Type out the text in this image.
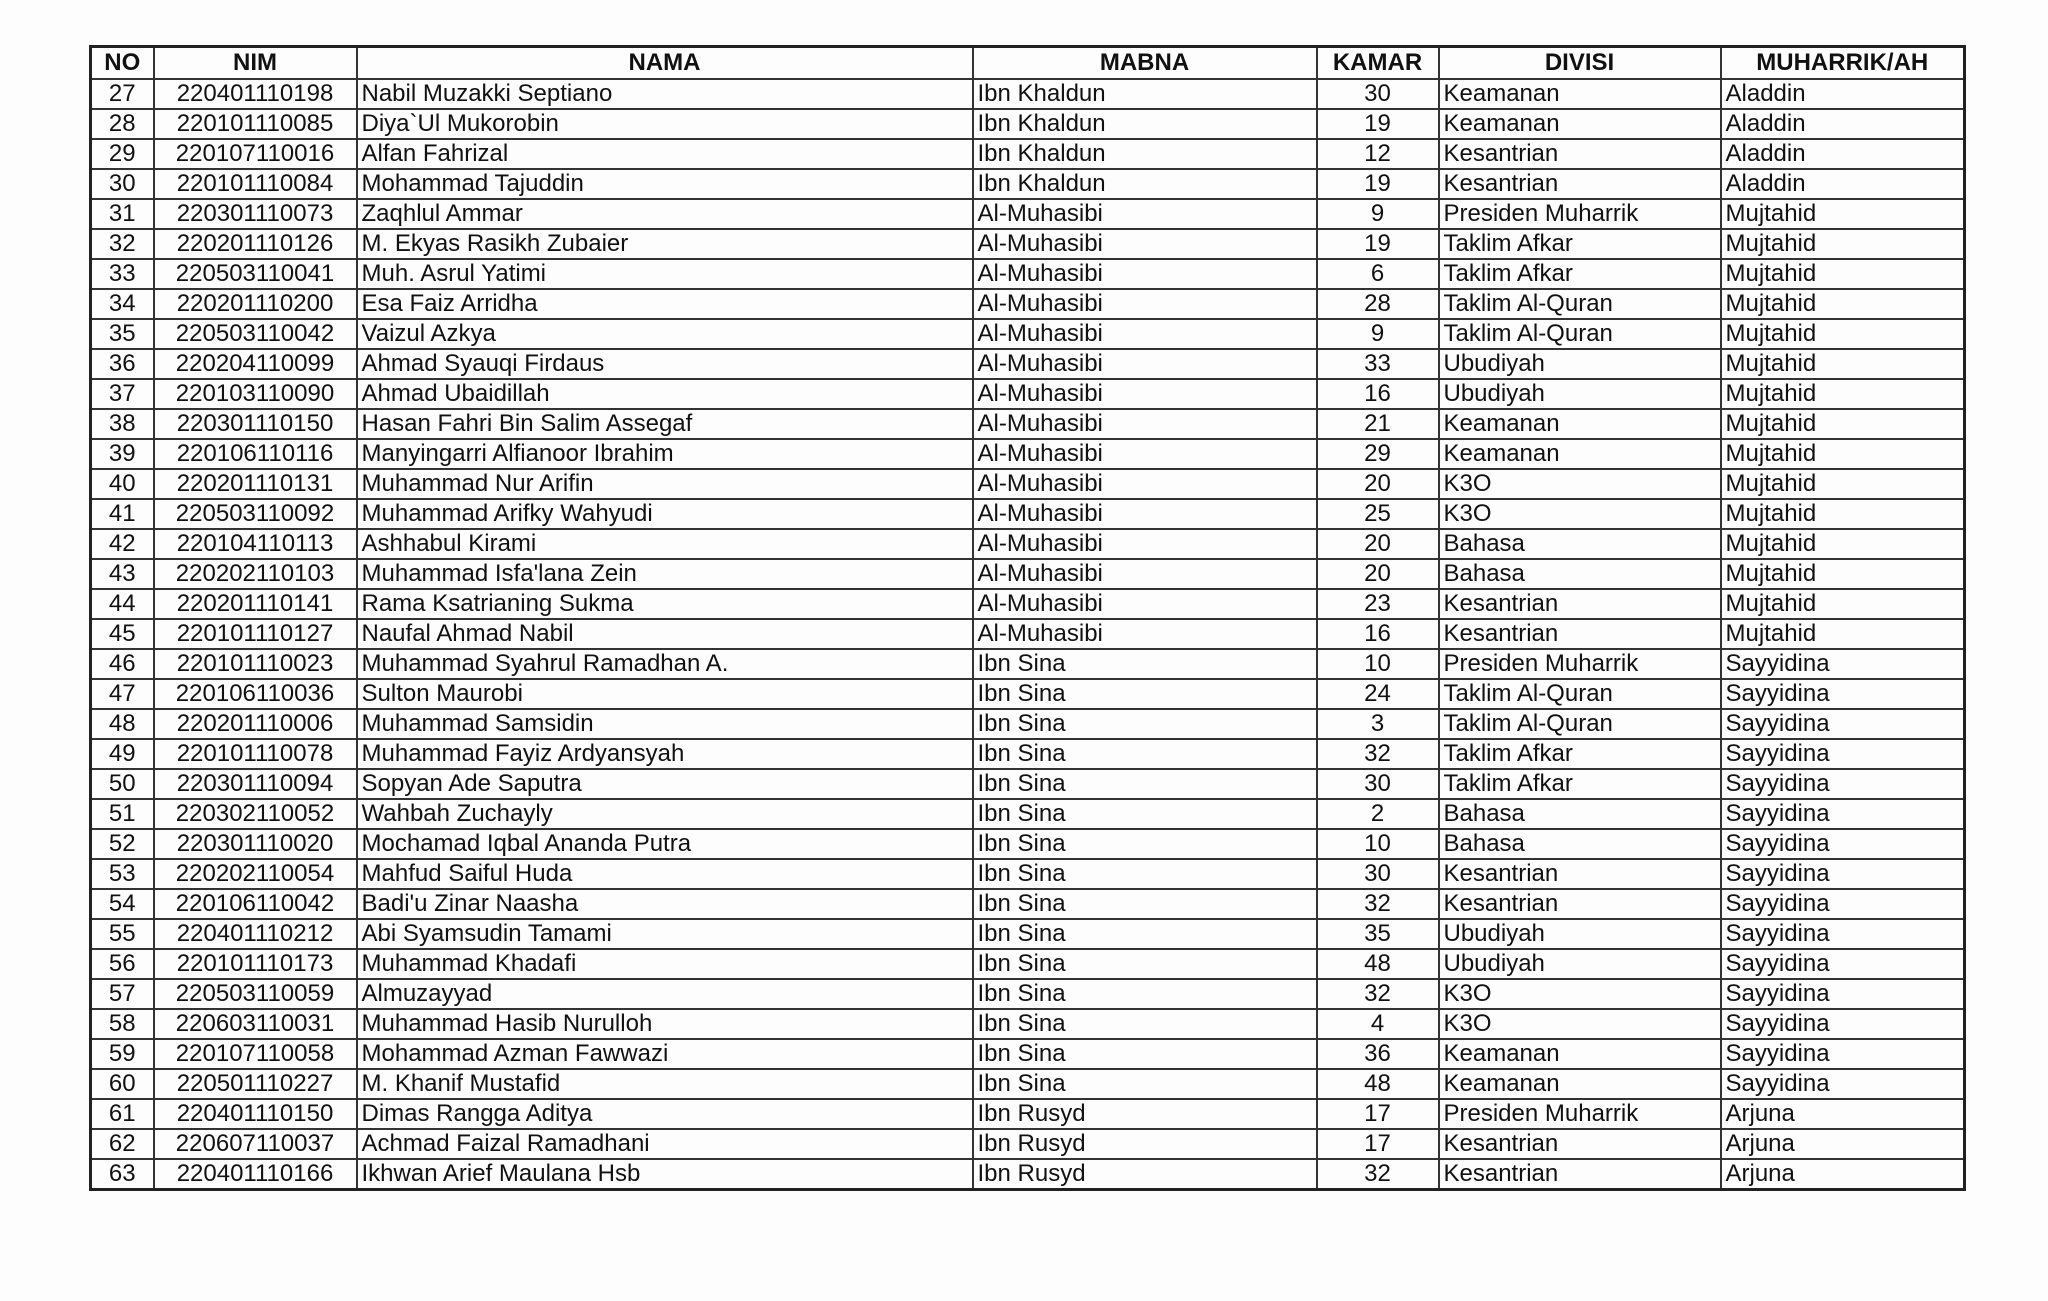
NO	NIM	NAMA	MABNA	KAMAR	DIVISI	MUHARRIK/AH
27	220401110198	Nabil Muzakki Septiano	Ibn Khaldun	30	Keamanan	Aladdin
28	220101110085	Diya`Ul Mukorobin	Ibn Khaldun	19	Keamanan	Aladdin
29	220107110016	Alfan Fahrizal	Ibn Khaldun	12	Kesantrian	Aladdin
30	220101110084	Mohammad Tajuddin	Ibn Khaldun	19	Kesantrian	Aladdin
31	220301110073	Zaqhlul Ammar	Al-Muhasibi	9	Presiden Muharrik	Mujtahid
32	220201110126	M. Ekyas Rasikh Zubaier	Al-Muhasibi	19	Taklim Afkar	Mujtahid
33	220503110041	Muh. Asrul Yatimi	Al-Muhasibi	6	Taklim Afkar	Mujtahid
34	220201110200	Esa Faiz Arridha	Al-Muhasibi	28	Taklim Al-Quran	Mujtahid
35	220503110042	Vaizul Azkya	Al-Muhasibi	9	Taklim Al-Quran	Mujtahid
36	220204110099	Ahmad Syauqi Firdaus	Al-Muhasibi	33	Ubudiyah	Mujtahid
37	220103110090	Ahmad Ubaidillah	Al-Muhasibi	16	Ubudiyah	Mujtahid
38	220301110150	Hasan Fahri Bin Salim Assegaf	Al-Muhasibi	21	Keamanan	Mujtahid
39	220106110116	Manyingarri Alfianoor Ibrahim	Al-Muhasibi	29	Keamanan	Mujtahid
40	220201110131	Muhammad Nur Arifin	Al-Muhasibi	20	K3O	Mujtahid
41	220503110092	Muhammad Arifky Wahyudi	Al-Muhasibi	25	K3O	Mujtahid
42	220104110113	Ashhabul Kirami	Al-Muhasibi	20	Bahasa	Mujtahid
43	220202110103	Muhammad Isfa'lana Zein	Al-Muhasibi	20	Bahasa	Mujtahid
44	220201110141	Rama Ksatrianing Sukma	Al-Muhasibi	23	Kesantrian	Mujtahid
45	220101110127	Naufal Ahmad Nabil	Al-Muhasibi	16	Kesantrian	Mujtahid
46	220101110023	Muhammad Syahrul Ramadhan A.	Ibn Sina	10	Presiden Muharrik	Sayyidina
47	220106110036	Sulton Maurobi	Ibn Sina	24	Taklim Al-Quran	Sayyidina
48	220201110006	Muhammad Samsidin	Ibn Sina	3	Taklim Al-Quran	Sayyidina
49	220101110078	Muhammad Fayiz Ardyansyah	Ibn Sina	32	Taklim Afkar	Sayyidina
50	220301110094	Sopyan Ade Saputra	Ibn Sina	30	Taklim Afkar	Sayyidina
51	220302110052	Wahbah Zuchayly	Ibn Sina	2	Bahasa	Sayyidina
52	220301110020	Mochamad Iqbal Ananda Putra	Ibn Sina	10	Bahasa	Sayyidina
53	220202110054	Mahfud Saiful Huda	Ibn Sina	30	Kesantrian	Sayyidina
54	220106110042	Badi'u Zinar Naasha	Ibn Sina	32	Kesantrian	Sayyidina
55	220401110212	Abi Syamsudin Tamami	Ibn Sina	35	Ubudiyah	Sayyidina
56	220101110173	Muhammad Khadafi	Ibn Sina	48	Ubudiyah	Sayyidina
57	220503110059	Almuzayyad	Ibn Sina	32	K3O	Sayyidina
58	220603110031	Muhammad Hasib Nurulloh	Ibn Sina	4	K3O	Sayyidina
59	220107110058	Mohammad Azman Fawwazi	Ibn Sina	36	Keamanan	Sayyidina
60	220501110227	M. Khanif Mustafid	Ibn Sina	48	Keamanan	Sayyidina
61	220401110150	Dimas Rangga Aditya	Ibn Rusyd	17	Presiden Muharrik	Arjuna
62	220607110037	Achmad Faizal Ramadhani	Ibn Rusyd	17	Kesantrian	Arjuna
63	220401110166	Ikhwan Arief Maulana Hsb	Ibn Rusyd	32	Kesantrian	Arjuna
